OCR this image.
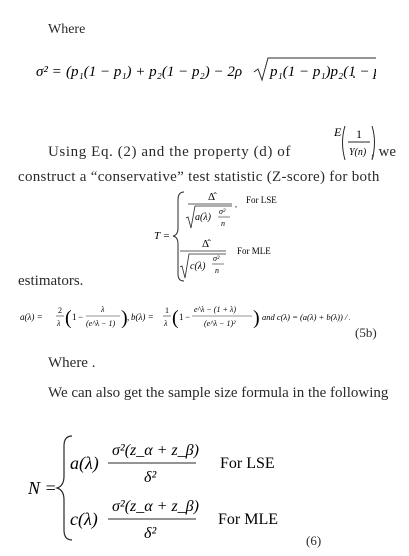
Where
σ² = (p₁(1 − p₁) + p₂(1 − p₂) − 2ρ p₁(1 − p₁)p₂(1 −
.
Using Eq. (2) and the property (d) of
E 1
Y(n) , we
construct a “conservative” test statistic (Z-score) for both
T =
Δ̂
a(λ)
σ²
n
, For LSE
Δ̂
c(λ)
σ²
n
For MLE
estimators.
a(λ) =
2
λ ( 1 −
λ
(e^λ − 1) ) , b(λ) =
1
λ ( 1 −
e^λ − (1 + λ)
(e^λ − 1)² ) and c(λ) = (a(λ) + b(λ)) / 2
(5b)
Where .
We can also get the sample size formula in the following
N =
a(λ)
σ²(z_α + z_β)
δ²
For LSE
c(λ)
σ²(z_α + z_β)
δ²
For MLE
(6)
